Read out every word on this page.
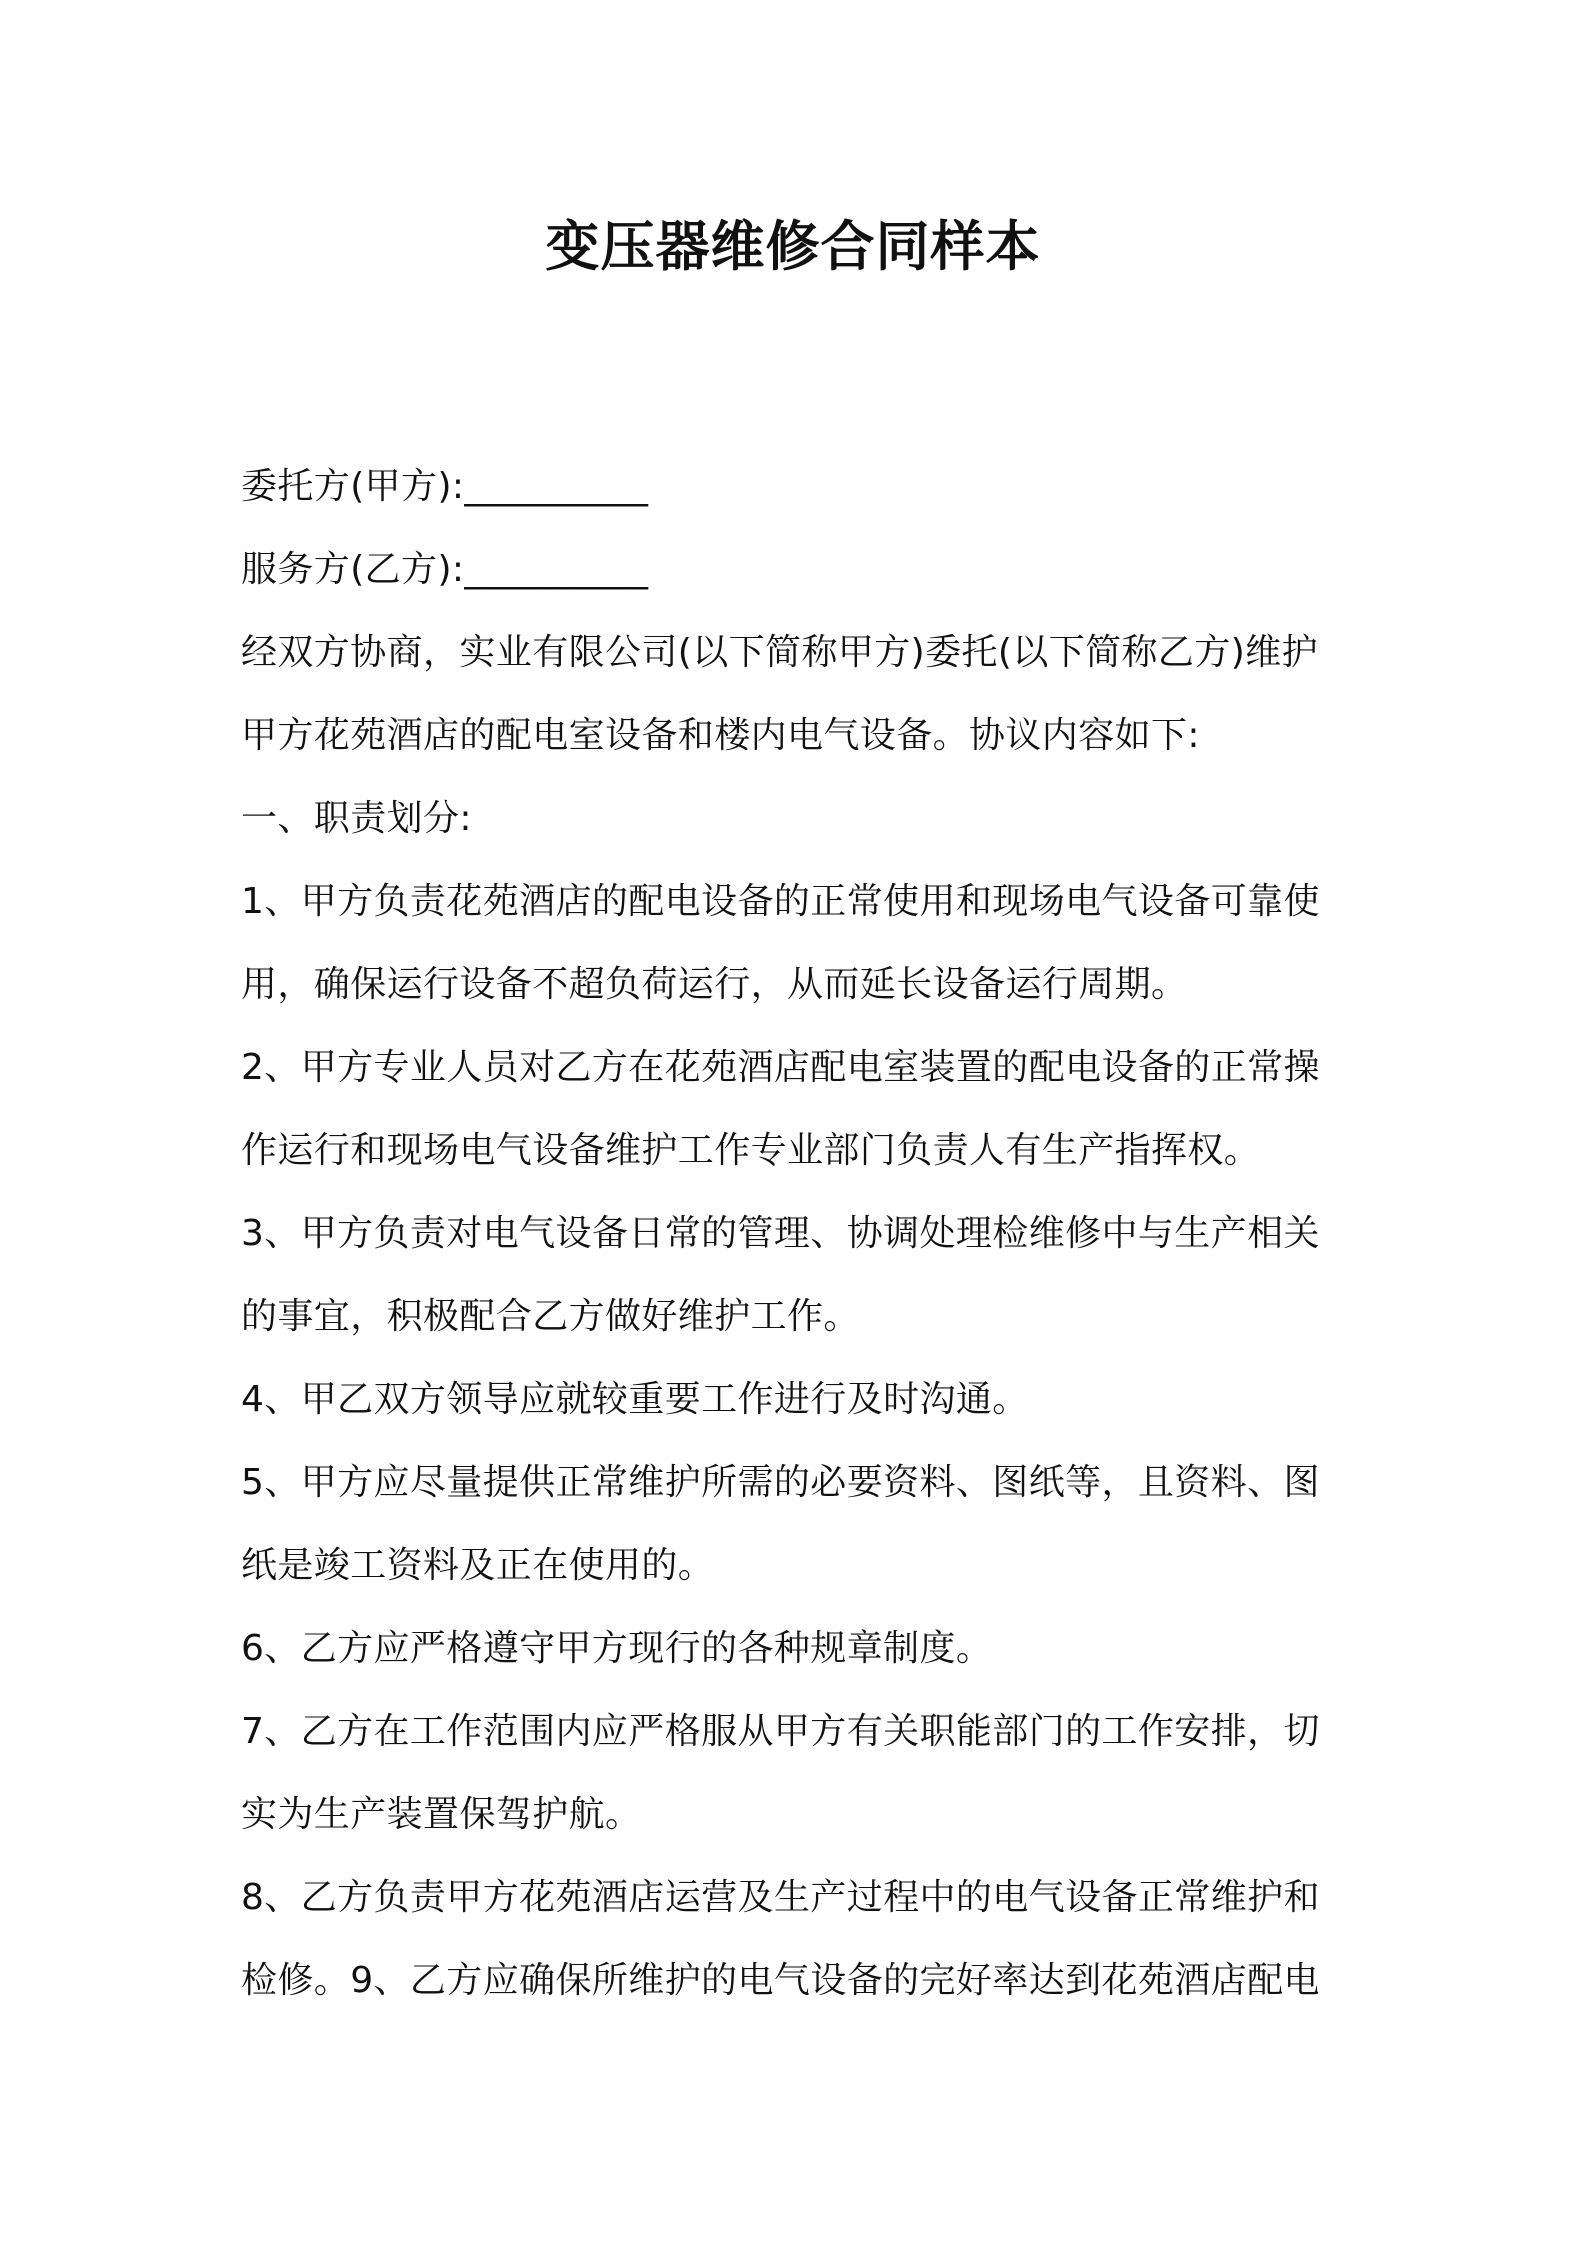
变压器维修合同样本

委托方(甲方):__________

服务方(乙方):__________

经双方协商，实业有限公司(以下简称甲方)委托(以下简称乙方)维护

甲方花苑酒店的配电室设备和楼内电气设备。协议内容如下:

一、职责划分:

1、甲方负责花苑酒店的配电设备的正常使用和现场电气设备可靠使

用，确保运行设备不超负荷运行，从而延长设备运行周期。

2、甲方专业人员对乙方在花苑酒店配电室装置的配电设备的正常操

作运行和现场电气设备维护工作专业部门负责人有生产指挥权。

3、甲方负责对电气设备日常的管理、协调处理检维修中与生产相关

的事宜，积极配合乙方做好维护工作。

4、甲乙双方领导应就较重要工作进行及时沟通。

5、甲方应尽量提供正常维护所需的必要资料、图纸等，且资料、图

纸是竣工资料及正在使用的。

6、乙方应严格遵守甲方现行的各种规章制度。

7、乙方在工作范围内应严格服从甲方有关职能部门的工作安排，切

实为生产装置保驾护航。

8、乙方负责甲方花苑酒店运营及生产过程中的电气设备正常维护和

检修。9、乙方应确保所维护的电气设备的完好率达到花苑酒店配电
